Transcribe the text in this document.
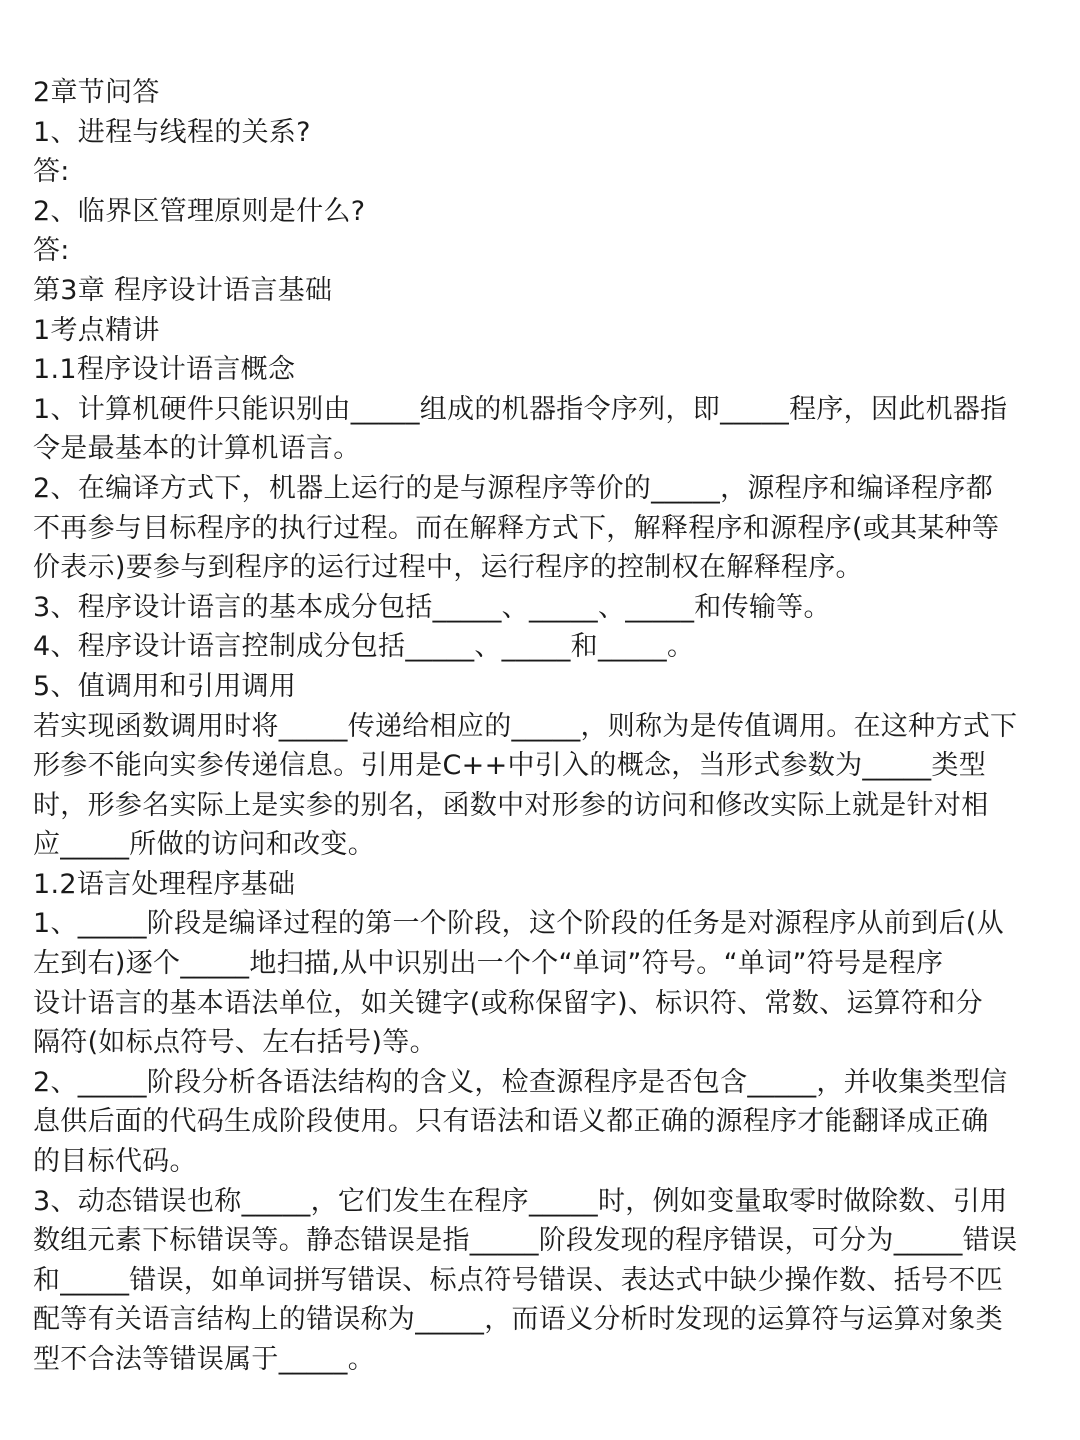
2章节问答

1、进程与线程的关系?

答:

2、临界区管理原则是什么?

答:

第3章 程序设计语言基础

1考点精讲

1.1程序设计语言概念

1、计算机硬件只能识别由_____组成的机器指令序列，即_____程序，因此机器指

令是最基本的计算机语言。

2、在编译方式下，机器上运行的是与源程序等价的_____，源程序和编译程序都

不再参与目标程序的执行过程。而在解释方式下，解释程序和源程序(或其某种等

价表示)要参与到程序的运行过程中，运行程序的控制权在解释程序。

3、程序设计语言的基本成分包括_____、_____、_____和传输等。

4、程序设计语言控制成分包括_____、_____和_____。

5、值调用和引用调用

若实现函数调用时将_____传递给相应的_____，则称为是传值调用。在这种方式下

形参不能向实参传递信息。引用是C++中引入的概念，当形式参数为_____类型

时，形参名实际上是实参的别名，函数中对形参的访问和修改实际上就是针对相

应_____所做的访问和改变。

1.2语言处理程序基础

1、_____阶段是编译过程的第一个阶段，这个阶段的任务是对源程序从前到后(从

左到右)逐个_____地扫描,从中识别出一个个“单词”符号。“单词”符号是程序

设计语言的基本语法单位，如关键字(或称保留字)、标识符、常数、运算符和分

隔符(如标点符号、左右括号)等。

2、_____阶段分析各语法结构的含义，检查源程序是否包含_____，并收集类型信

息供后面的代码生成阶段使用。只有语法和语义都正确的源程序才能翻译成正确

的目标代码。

3、动态错误也称_____，它们发生在程序_____时，例如变量取零时做除数、引用

数组元素下标错误等。静态错误是指_____阶段发现的程序错误，可分为_____错误

和_____错误，如单词拼写错误、标点符号错误、表达式中缺少操作数、括号不匹

配等有关语言结构上的错误称为_____，而语义分析时发现的运算符与运算对象类

型不合法等错误属于_____。
